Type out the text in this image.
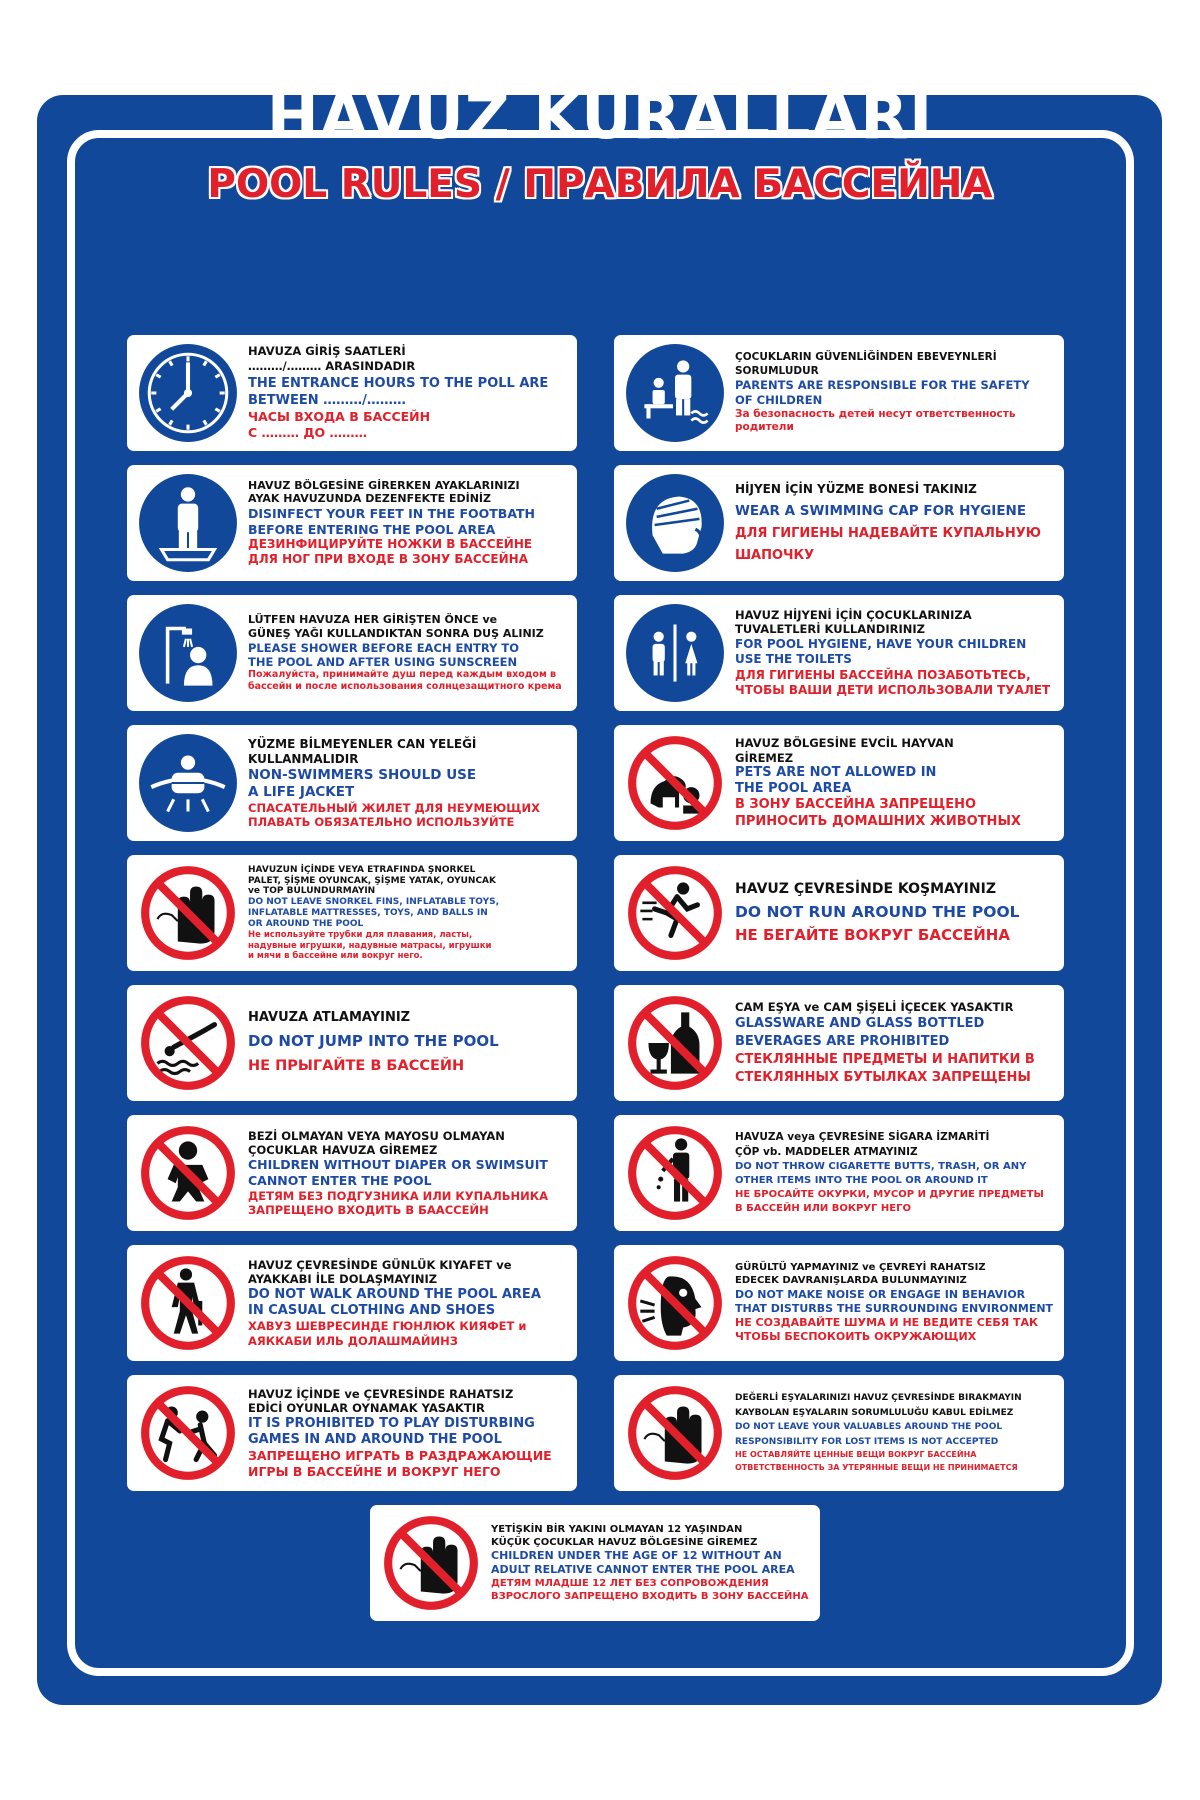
HAVUZ KURALLARI
POOL RULES / ПРАВИЛА БАССЕЙНА
HAVUZA GİRİŞ SAATLERİ
………/……… ARASINDADIR
THE ENTRANCE HOURS TO THE POLL ARE
BETWEEN ………/………
ЧАСЫ ВХОДА В БАССЕЙН
С ……… ДО ………
ÇOCUKLARIN GÜVENLİĞİNDEN EBEVEYNLERİ
SORUMLUDUR
PARENTS ARE RESPONSIBLE FOR THE SAFETY
OF CHILDREN
За безопасность детей несут ответственность
родители
HAVUZ BÖLGESİNE GİRERKEN AYAKLARINIZI
AYAK HAVUZUNDA DEZENFEKTE EDİNİZ
DISINFECT YOUR FEET IN THE FOOTBATH
BEFORE ENTERING THE POOL AREA
ДЕЗИНФИЦИРУЙТЕ НОЖКИ В БАССЕЙНЕ
ДЛЯ НОГ ПРИ ВХОДЕ В ЗОНУ БАССЕЙНА
HİJYEN İÇİN YÜZME BONESİ TAKINIZ
WEAR A SWIMMING CAP FOR HYGIENE
ДЛЯ ГИГИЕНЫ НАДЕВАЙТЕ КУПАЛЬНУЮ
ШАПОЧКУ
LÜTFEN HAVUZA HER GİRİŞTEN ÖNCE ve
GÜNEŞ YAĞI KULLANDIKTAN SONRA DUŞ ALINIZ
PLEASE SHOWER BEFORE EACH ENTRY TO
THE POOL AND AFTER USING SUNSCREEN
Пожалуйста, принимайте душ перед каждым входом в
бассейн и после использования солнцезащитного крема
HAVUZ HİJYENİ İÇİN ÇOCUKLARINIZA
TUVALETLERİ KULLANDIRINIZ
FOR POOL HYGIENE, HAVE YOUR CHILDREN
USE THE TOILETS
ДЛЯ ГИГИЕНЫ БАССЕЙНА ПОЗАБОТЬТЕСЬ,
ЧТОБЫ ВАШИ ДЕТИ ИСПОЛЬЗОВАЛИ ТУАЛЕТ
YÜZME BİLMEYENLER CAN YELEĞİ
KULLANMALIDIR
NON-SWIMMERS SHOULD USE
A LIFE JACKET
СПАСАТЕЛЬНЫЙ ЖИЛЕТ ДЛЯ НЕУМЕЮЩИХ
ПЛАВАТЬ ОБЯЗАТЕЛЬНО ИСПОЛЬЗУЙТЕ
HAVUZ BÖLGESİNE EVCİL HAYVAN
GİREMEZ
PETS ARE NOT ALLOWED IN
THE POOL AREA
В ЗОНУ БАССЕЙНА ЗАПРЕЩЕНО
ПРИНОСИТЬ ДОМАШНИХ ЖИВОТНЫХ
HAVUZUN İÇİNDE VEYA ETRAFINDA ŞNORKEL
PALET, ŞİŞME OYUNCAK, ŞİŞME YATAK, OYUNCAK
ve TOP BULUNDURMAYIN
DO NOT LEAVE SNORKEL FINS, INFLATABLE TOYS,
INFLATABLE MATTRESSES, TOYS, AND BALLS IN
OR AROUND THE POOL
Не используйте трубки для плавания, ласты,
надувные игрушки, надувные матрасы, игрушки
и мячи в бассейне или вокруг него.
HAVUZ ÇEVRESİNDE KOŞMAYINIZ
DO NOT RUN AROUND THE POOL
НЕ БЕГАЙТЕ ВОКРУГ БАССЕЙНА
HAVUZA ATLAMAYINIZ
DO NOT JUMP INTO THE POOL
НЕ ПРЫГАЙТЕ В БАССЕЙН
CAM EŞYA ve CAM ŞİŞELİ İÇECEK YASAKTIR
GLASSWARE AND GLASS BOTTLED
BEVERAGES ARE PROHIBITED
СТЕКЛЯННЫЕ ПРЕДМЕТЫ И НАПИТКИ В
СТЕКЛЯННЫХ БУТЫЛКАХ ЗАПРЕЩЕНЫ
BEZİ OLMAYAN VEYA MAYOSU OLMAYAN
ÇOCUKLAR HAVUZA GİREMEZ
CHILDREN WITHOUT DIAPER OR SWIMSUIT
CANNOT ENTER THE POOL
ДЕТЯМ БЕЗ ПОДГУЗНИКА ИЛИ КУПАЛЬНИКА
ЗАПРЕЩЕНО ВХОДИТЬ В БААССЕЙН
HAVUZA veya ÇEVRESİNE SİGARA İZMARİTİ
ÇÖP vb. MADDELER ATMAYINIZ
DO NOT THROW CIGARETTE BUTTS, TRASH, OR ANY
OTHER ITEMS INTO THE POOL OR AROUND IT
НЕ БРОСАЙТЕ ОКУРКИ, МУСОР И ДРУГИЕ ПРЕДМЕТЫ
В БАССЕЙН ИЛИ ВОКРУГ НЕГО
HAVUZ ÇEVRESİNDE GÜNLÜK KIYAFET ve
AYAKKABI İLE DOLAŞMAYINIZ
DO NOT WALK AROUND THE POOL AREA
IN CASUAL CLOTHING AND SHOES
ХАВУЗ ШЕВРЕСИНДЕ ГЮНЛЮК КИЯФЕТ и
АЯККАБИ ИЛЬ ДОЛАШМАЙИНЗ
GÜRÜLTÜ YAPMAYINIZ ve ÇEVREYİ RAHATSIZ
EDECEK DAVRANIŞLARDA BULUNMAYINIZ
DO NOT MAKE NOISE OR ENGAGE IN BEHAVIOR
THAT DISTURBS THE SURROUNDING ENVIRONMENT
НЕ СОЗДАВАЙТЕ ШУМА И НЕ ВЕДИТЕ СЕБЯ ТАК
ЧТОБЫ БЕСПОКОИТЬ ОКРУЖАЮЩИХ
HAVUZ İÇİNDE ve ÇEVRESİNDE RAHATSIZ
EDİCİ OYUNLAR OYNAMAK YASAKTIR
IT IS PROHIBITED TO PLAY DISTURBING
GAMES IN AND AROUND THE POOL
ЗАПРЕЩЕНО ИГРАТЬ В РАЗДРАЖАЮЩИЕ
ИГРЫ В БАССЕЙНЕ И ВОКРУГ НЕГО
DEĞERLİ EŞYALARINIZI HAVUZ ÇEVRESİNDE BIRAKMAYIN
KAYBOLAN EŞYALARIN SORUMLULUĞU KABUL EDİLMEZ
DO NOT LEAVE YOUR VALUABLES AROUND THE POOL
RESPONSIBILITY FOR LOST ITEMS IS NOT ACCEPTED
НЕ ОСТАВЛЯЙТЕ ЦЕННЫЕ ВЕЩИ ВОКРУГ БАССЕЙНА
ОТВЕТСТВЕННОСТЬ ЗА УТЕРЯННЫЕ ВЕЩИ НЕ ПРИНИМАЕТСЯ
YETİŞKİN BİR YAKINI OLMAYAN 12 YAŞINDAN
KÜÇÜK ÇOCUKLAR HAVUZ BÖLGESİNE GİREMEZ
CHILDREN UNDER THE AGE OF 12 WITHOUT AN
ADULT RELATIVE CANNOT ENTER THE POOL AREA
ДЕТЯМ МЛАДШЕ 12 ЛЕТ БЕЗ СОПРОВОЖДЕНИЯ
ВЗРОСЛОГО ЗАПРЕЩЕНО ВХОДИТЬ В ЗОНУ БАССЕЙНА
